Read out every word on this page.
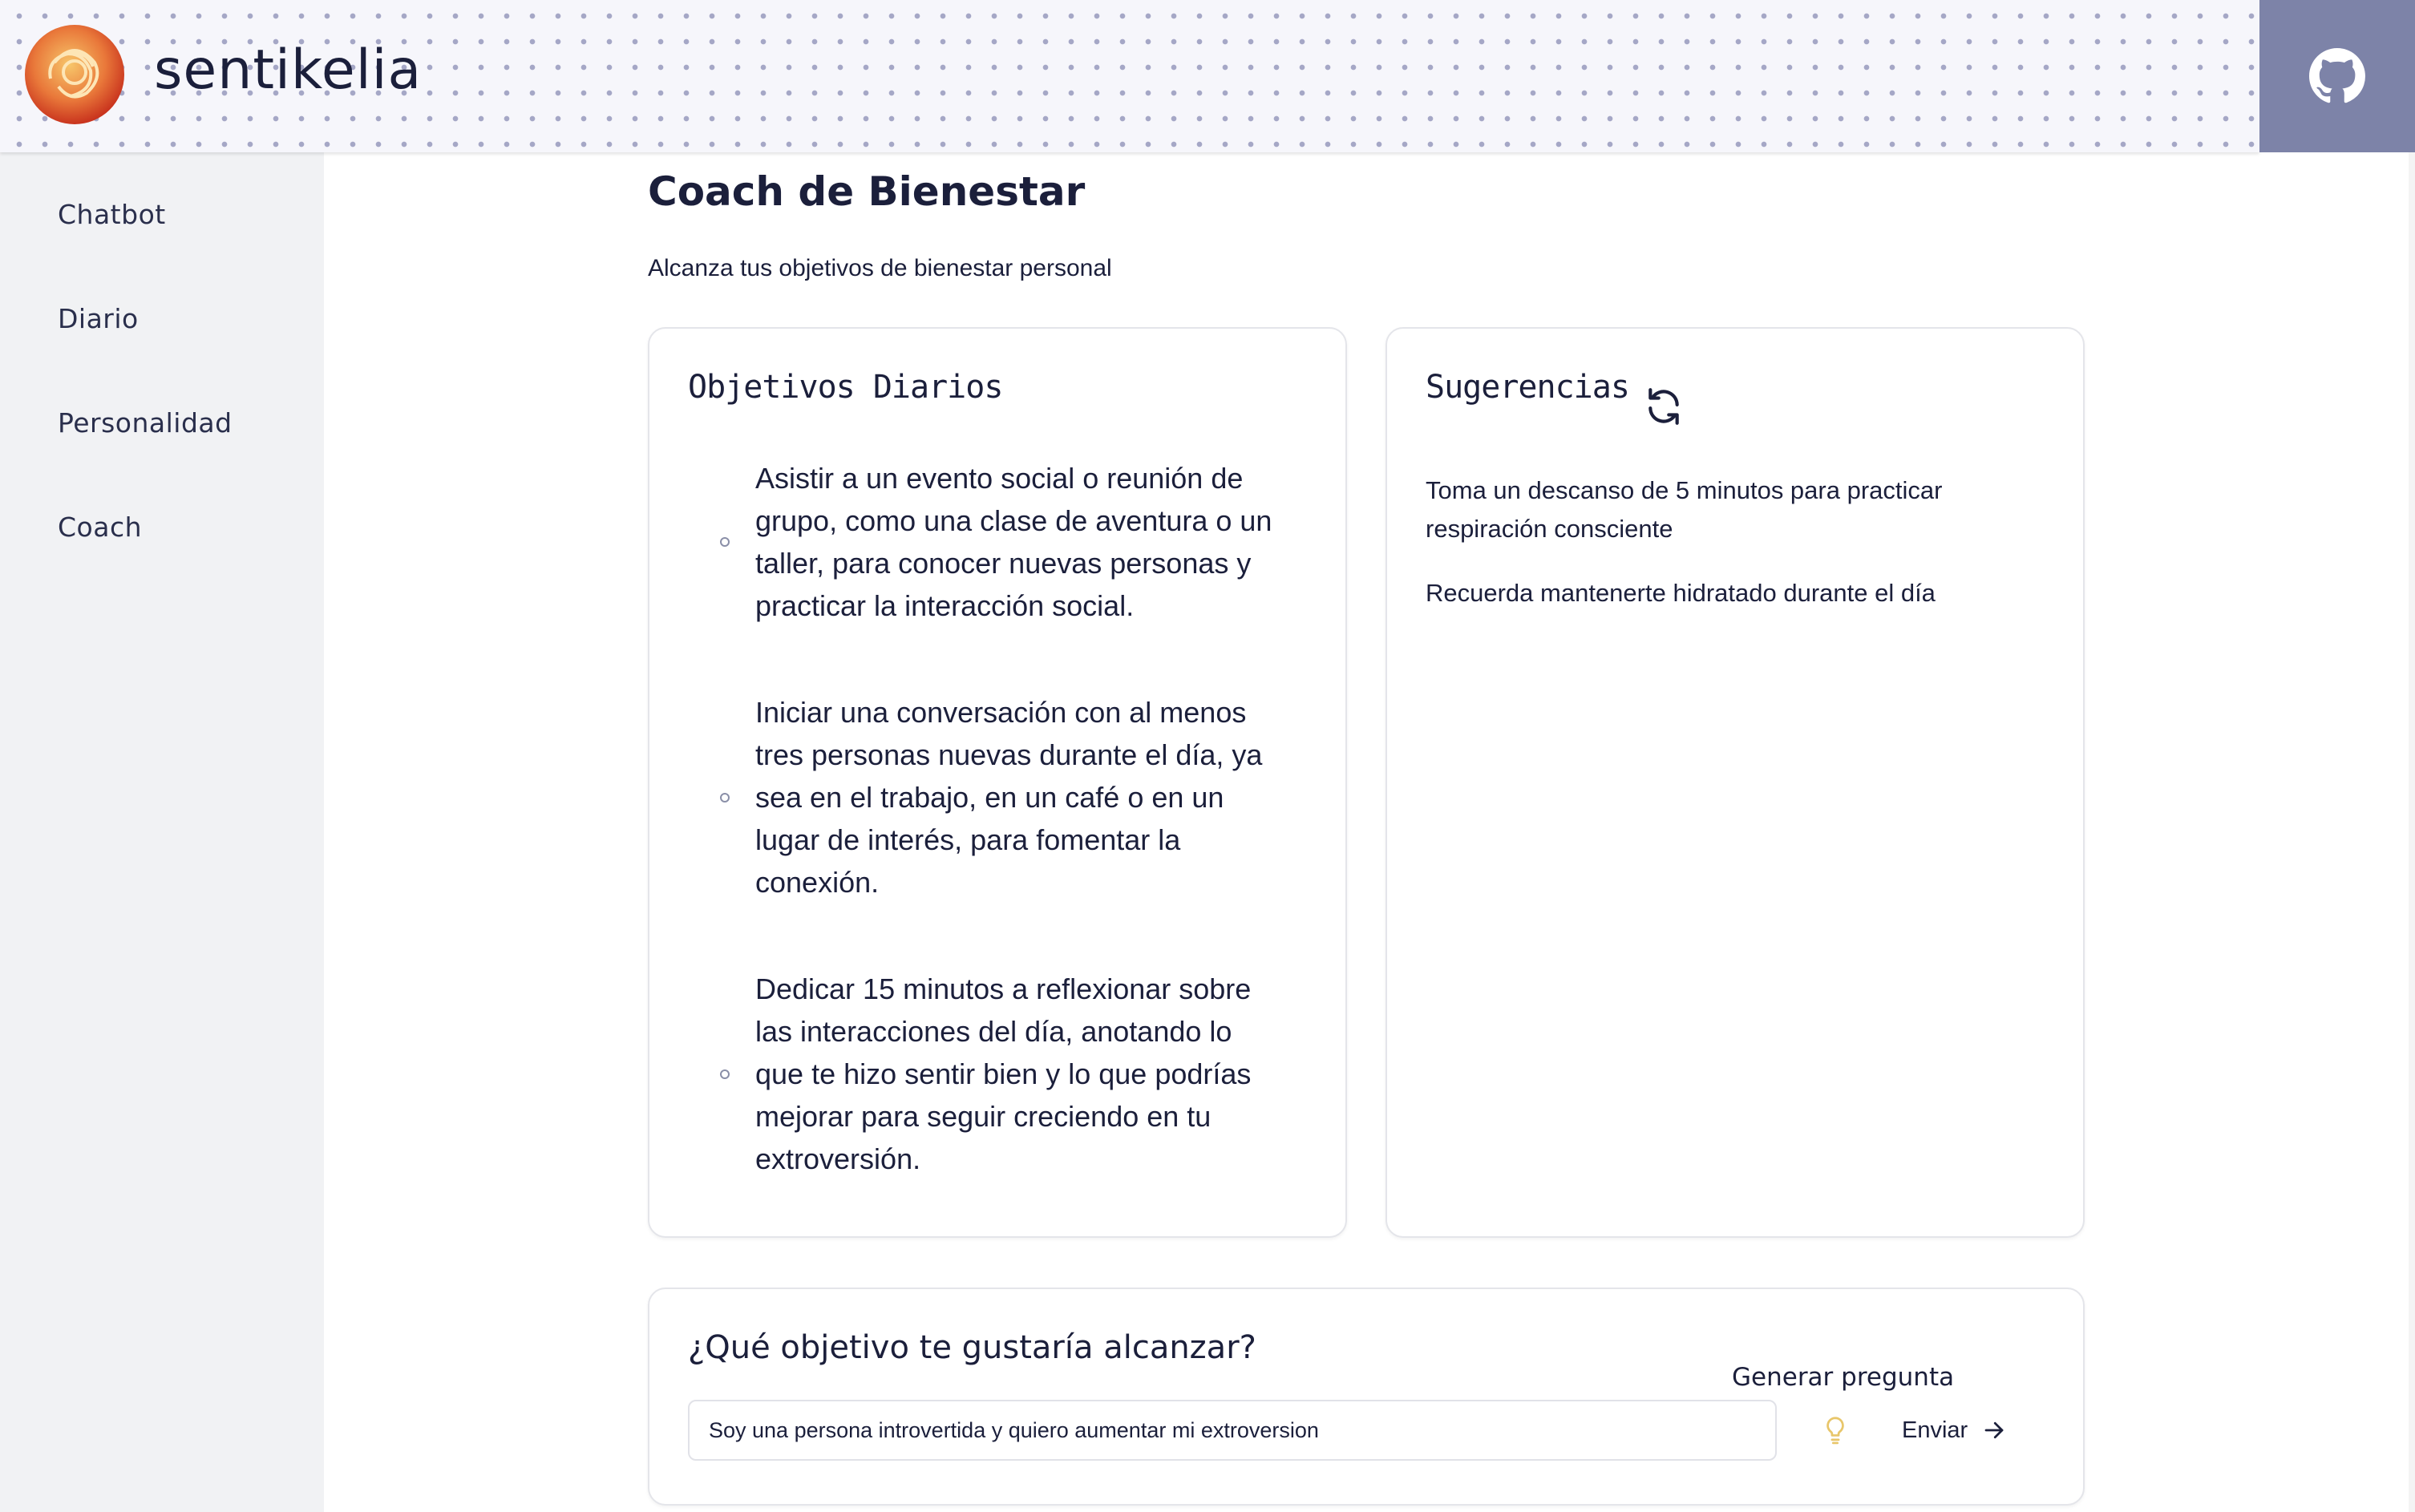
sentikelia
Chatbot
Diario
Personalidad
Coach
Coach de Bienestar
Alcanza tus objetivos de bienestar personal
Objetivos Diarios
Asistir a un evento social o reunión de grupo, como una clase de aventura o un taller, para conocer nuevas personas y practicar la interacción social.
Iniciar una conversación con al menos tres personas nuevas durante el día, ya sea en el trabajo, en un café o en un lugar de interés, para fomentar la conexión.
Dedicar 15 minutos a reflexionar sobre las interacciones del día, anotando lo que te hizo sentir bien y lo que podrías mejorar para seguir creciendo en tu extroversión.
Sugerencias
Toma un descanso de 5 minutos para practicar respiración consciente
Recuerda mantenerte hidratado durante el día
¿Qué objetivo te gustaría alcanzar?
Generar pregunta
Soy una persona introvertida y quiero aumentar mi extroversion
Enviar
